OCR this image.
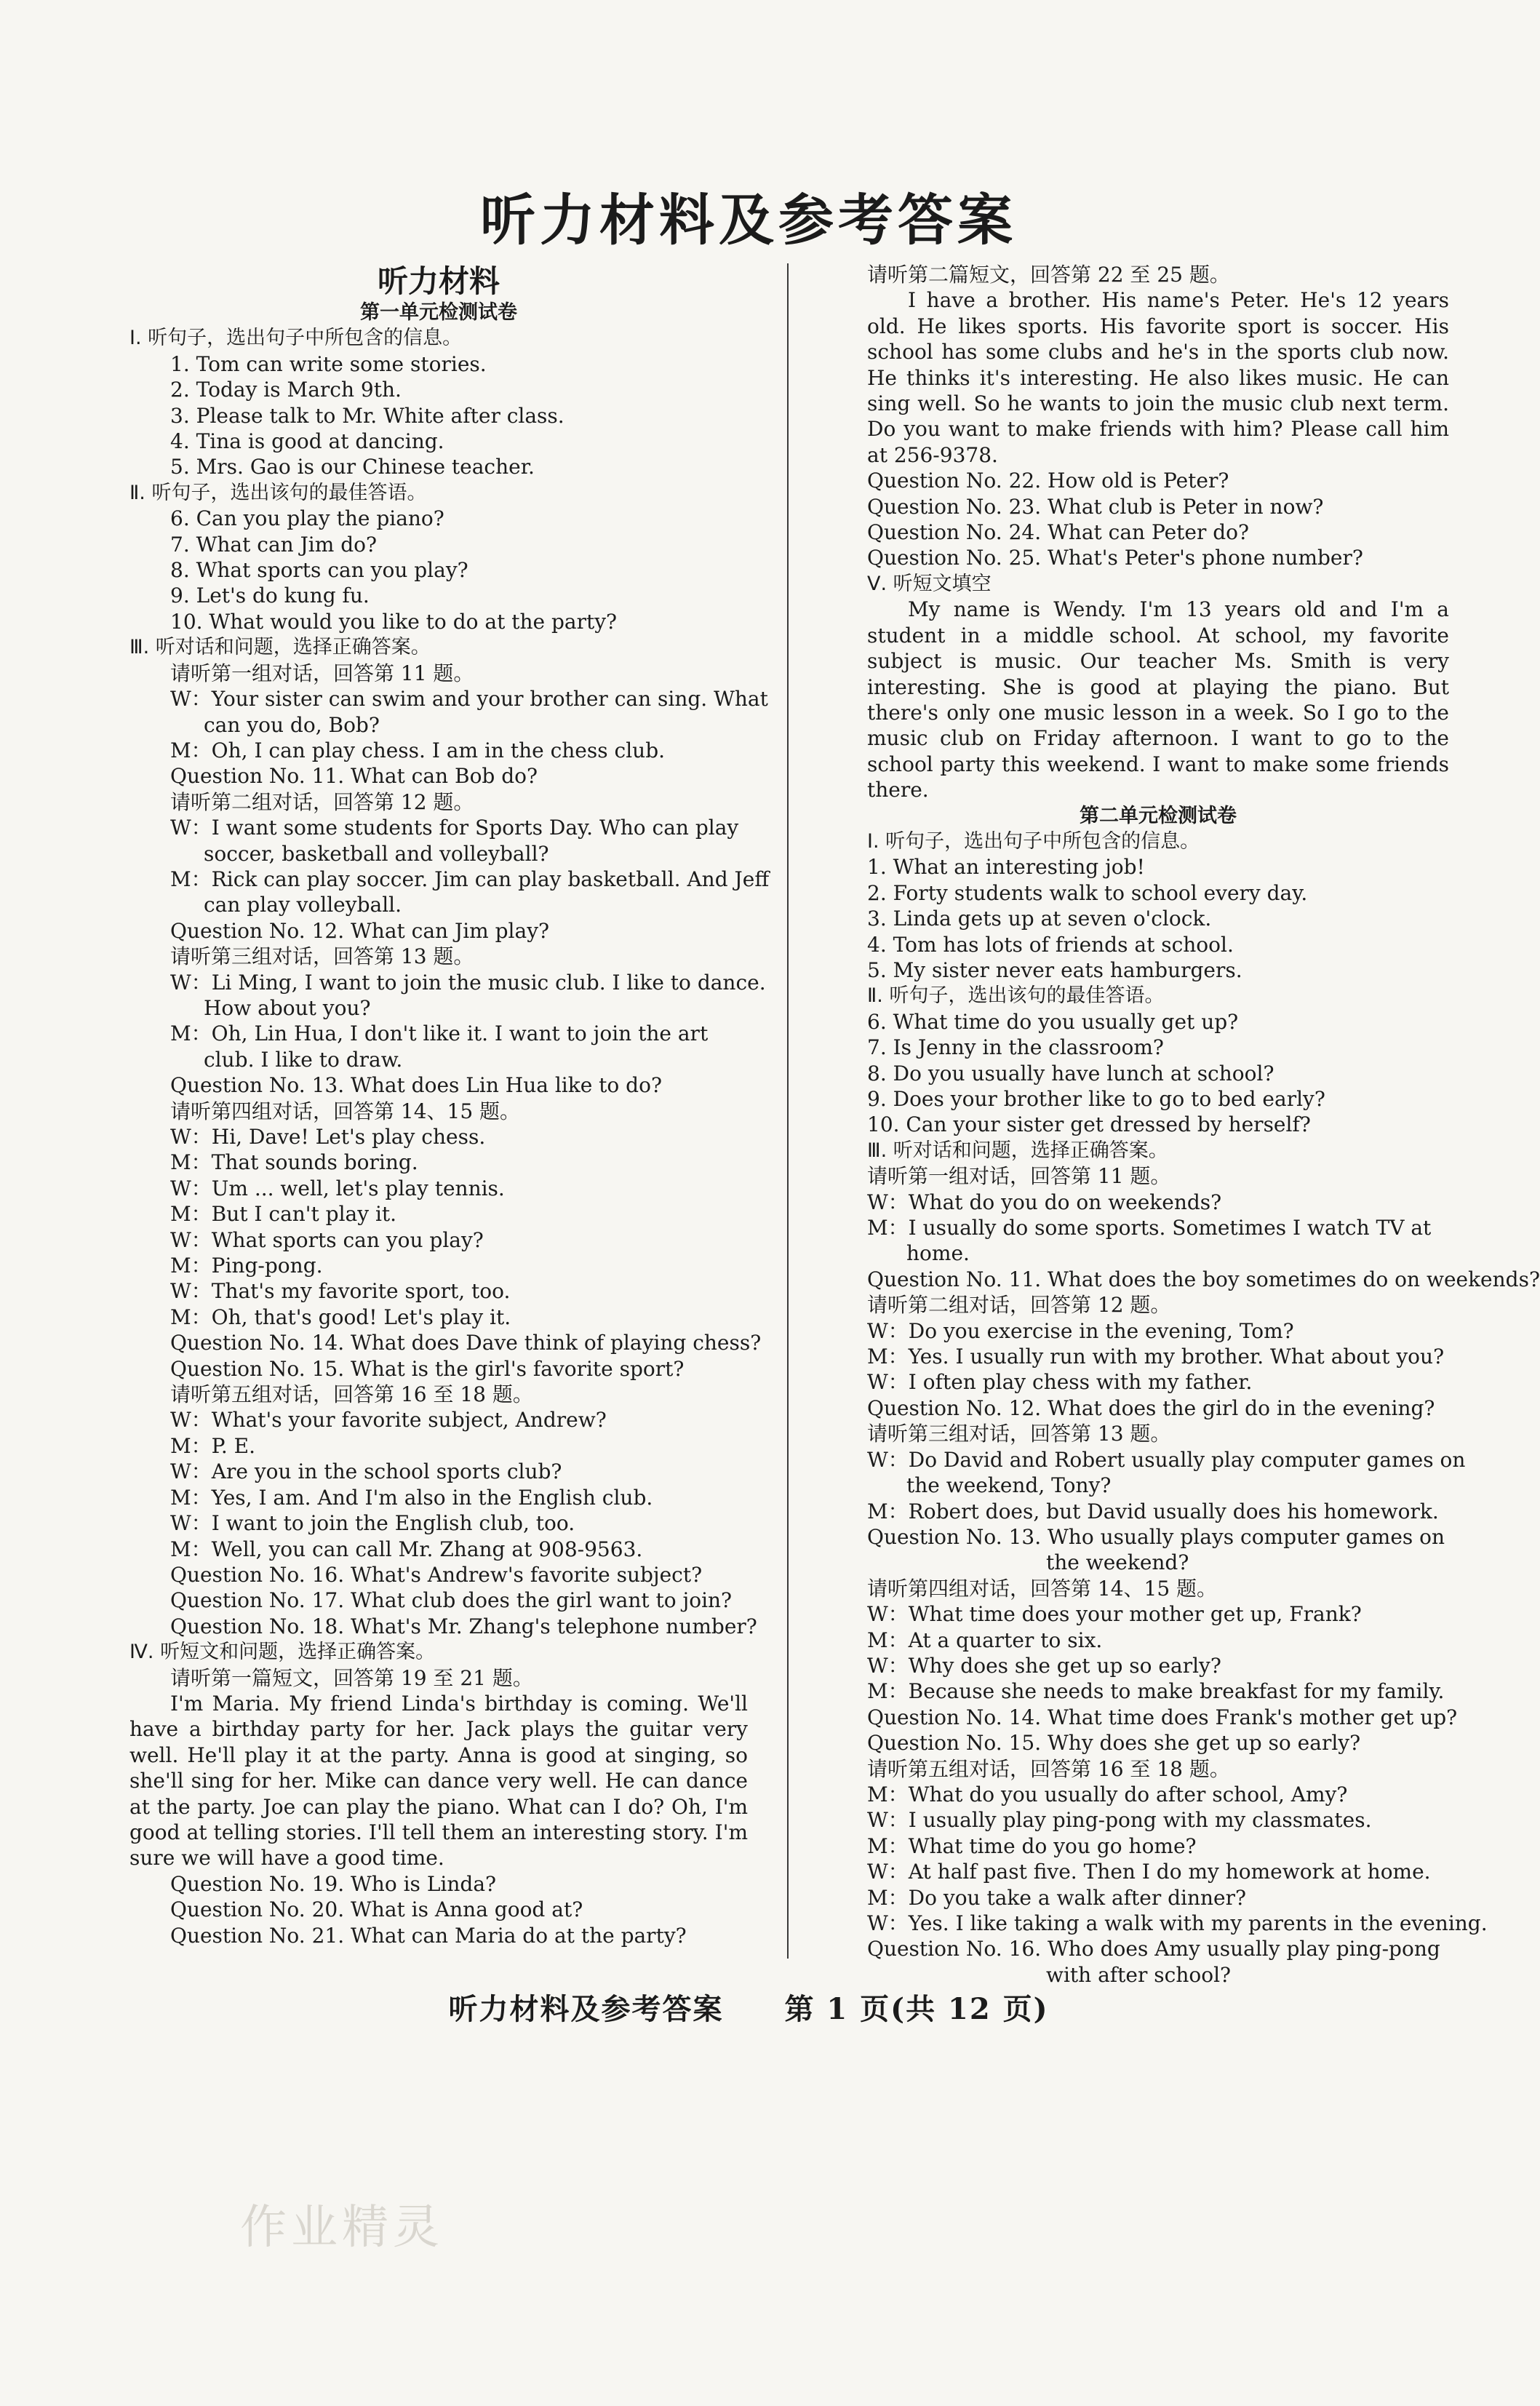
听力材料及参考答案
听力材料
第一单元检测试卷
Ⅰ. 听句子，选出句子中所包含的信息。
1. Tom can write some stories.
2. Today is March 9th.
3. Please talk to Mr. White after class.
4. Tina is good at dancing.
5. Mrs. Gao is our Chinese teacher.
Ⅱ. 听句子，选出该句的最佳答语。
6. Can you play the piano?
7. What can Jim do?
8. What sports can you play?
9. Let's do kung fu.
10. What would you like to do at the party?
Ⅲ. 听对话和问题，选择正确答案。
请听第一组对话，回答第 11 题。
W：Your sister can swim and your brother can sing. What
can you do, Bob?
M：Oh, I can play chess. I am in the chess club.
Question No. 11. What can Bob do?
请听第二组对话，回答第 12 题。
W：I want some students for Sports Day. Who can play
soccer, basketball and volleyball?
M：Rick can play soccer. Jim can play basketball. And Jeff
can play volleyball.
Question No. 12. What can Jim play?
请听第三组对话，回答第 13 题。
W：Li Ming, I want to join the music club. I like to dance.
How about you?
M：Oh, Lin Hua, I don't like it. I want to join the art
club. I like to draw.
Question No. 13. What does Lin Hua like to do?
请听第四组对话，回答第 14、15 题。
W：Hi, Dave! Let's play chess.
M：That sounds boring.
W：Um ... well, let's play tennis.
M：But I can't play it.
W：What sports can you play?
M：Ping-pong.
W：That's my favorite sport, too.
M：Oh, that's good! Let's play it.
Question No. 14. What does Dave think of playing chess?
Question No. 15. What is the girl's favorite sport?
请听第五组对话，回答第 16 至 18 题。
W：What's your favorite subject, Andrew?
M：P. E.
W：Are you in the school sports club?
M：Yes, I am. And I'm also in the English club.
W：I want to join the English club, too.
M：Well, you can call Mr. Zhang at 908-9563.
Question No. 16. What's Andrew's favorite subject?
Question No. 17. What club does the girl want to join?
Question No. 18. What's Mr. Zhang's telephone number?
Ⅳ. 听短文和问题，选择正确答案。
请听第一篇短文，回答第 19 至 21 题。
I'm Maria. My friend Linda's birthday is coming. We'll have a birthday party for her. Jack plays the guitar very well. He'll play it at the party. Anna is good at singing, so she'll sing for her. Mike can dance very well. He can dance at the party. Joe can play the piano. What can I do? Oh, I'm good at telling stories. I'll tell them an interesting story. I'm sure we will have a good time.
Question No. 19. Who is Linda?
Question No. 20. What is Anna good at?
Question No. 21. What can Maria do at the party?
请听第二篇短文，回答第 22 至 25 题。
I have a brother. His name's Peter. He's 12 years old. He likes sports. His favorite sport is soccer. His school has some clubs and he's in the sports club now. He thinks it's interesting. He also likes music. He can sing well. So he wants to join the music club next term. Do you want to make friends with him? Please call him at 256-9378.
Question No. 22. How old is Peter?
Question No. 23. What club is Peter in now?
Question No. 24. What can Peter do?
Question No. 25. What's Peter's phone number?
Ⅴ. 听短文填空
My name is Wendy. I'm 13 years old and I'm a student in a middle school. At school, my favorite subject is music. Our teacher Ms. Smith is very interesting. She is good at playing the piano. But there's only one music lesson in a week. So I go to the music club on Friday afternoon. I want to go to the school party this weekend. I want to make some friends there.
第二单元检测试卷
Ⅰ. 听句子，选出句子中所包含的信息。
1. What an interesting job!
2. Forty students walk to school every day.
3. Linda gets up at seven o'clock.
4. Tom has lots of friends at school.
5. My sister never eats hamburgers.
Ⅱ. 听句子，选出该句的最佳答语。
6. What time do you usually get up?
7. Is Jenny in the classroom?
8. Do you usually have lunch at school?
9. Does your brother like to go to bed early?
10. Can your sister get dressed by herself?
Ⅲ. 听对话和问题，选择正确答案。
请听第一组对话，回答第 11 题。
W：What do you do on weekends?
M：I usually do some sports. Sometimes I watch TV at
home.
Question No. 11. What does the boy sometimes do on weekends?
请听第二组对话，回答第 12 题。
W：Do you exercise in the evening, Tom?
M：Yes. I usually run with my brother. What about you?
W：I often play chess with my father.
Question No. 12. What does the girl do in the evening?
请听第三组对话，回答第 13 题。
W：Do David and Robert usually play computer games on
the weekend, Tony?
M：Robert does, but David usually does his homework.
Question No. 13. Who usually plays computer games on
the weekend?
请听第四组对话，回答第 14、15 题。
W：What time does your mother get up, Frank?
M：At a quarter to six.
W：Why does she get up so early?
M：Because she needs to make breakfast for my family.
Question No. 14. What time does Frank's mother get up?
Question No. 15. Why does she get up so early?
请听第五组对话，回答第 16 至 18 题。
M：What do you usually do after school, Amy?
W：I usually play ping-pong with my classmates.
M：What time do you go home?
W：At half past five. Then I do my homework at home.
M：Do you take a walk after dinner?
W：Yes. I like taking a walk with my parents in the evening.
Question No. 16. Who does Amy usually play ping-pong
with after school?
听力材料及参考答案　　第 1 页(共 12 页)
作业精灵
